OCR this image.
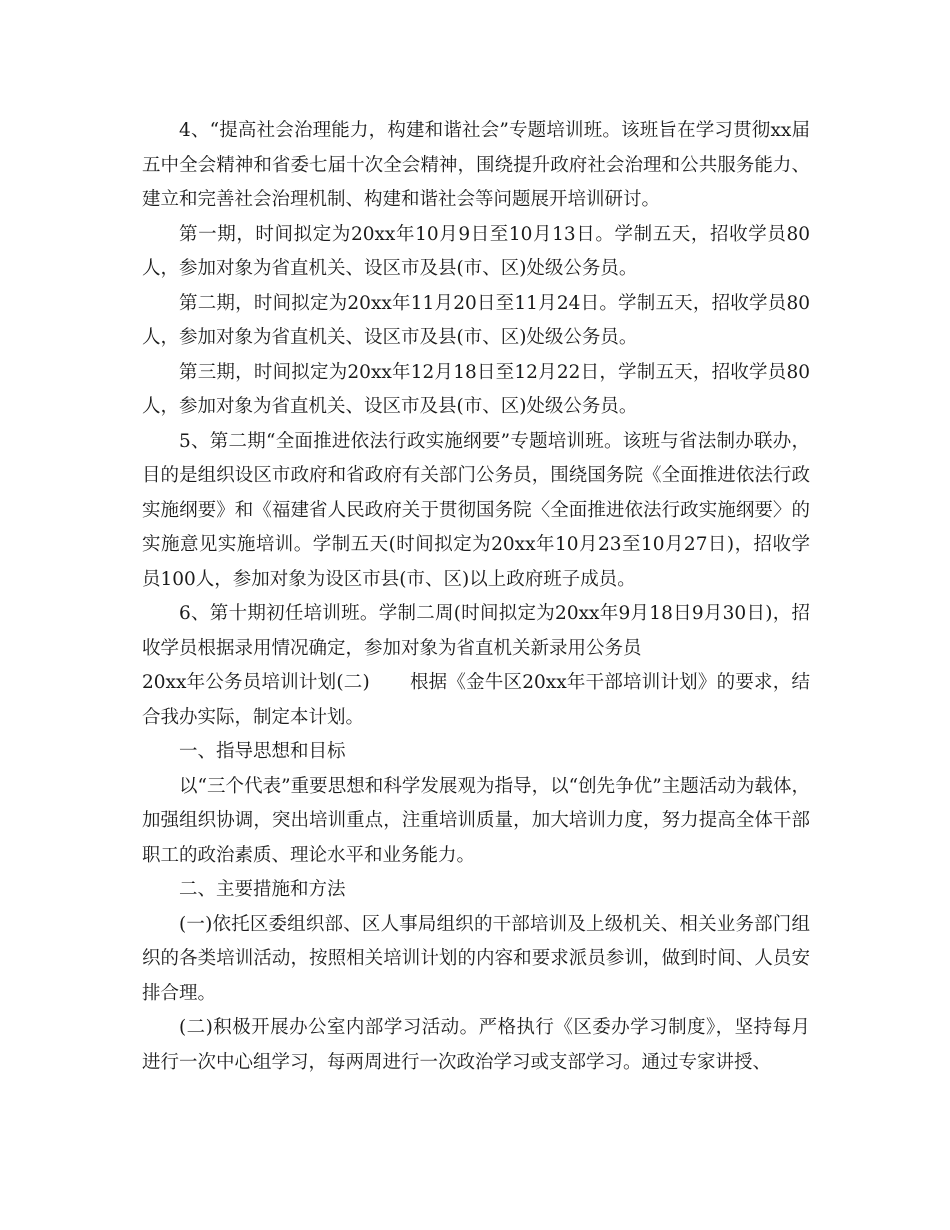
4、“提高社会治理能力，构建和谐社会”专题培训班。该班旨在学习贯彻xx届五中全会精神和省委七届十次全会精神，围绕提升政府社会治理和公共服务能力、建立和完善社会治理机制、构建和谐社会等问题展开培训研讨。

第一期，时间拟定为20xx年10月9日至10月13日。学制五天，招收学员80人，参加对象为省直机关、设区市及县(市、区)处级公务员。

第二期，时间拟定为20xx年11月20日至11月24日。学制五天，招收学员80人，参加对象为省直机关、设区市及县(市、区)处级公务员。

第三期，时间拟定为20xx年12月18日至12月22日，学制五天，招收学员80人，参加对象为省直机关、设区市及县(市、区)处级公务员。

5、第二期“全面推进依法行政实施纲要”专题培训班。该班与省法制办联办，目的是组织设区市政府和省政府有关部门公务员，围绕国务院《全面推进依法行政实施纲要》和《福建省人民政府关于贯彻国务院〈全面推进依法行政实施纲要〉的实施意见实施培训。学制五天(时间拟定为20xx年10月23至10月27日)，招收学员100人，参加对象为设区市县(市、区)以上政府班子成员。

6、第十期初任培训班。学制二周(时间拟定为20xx年9月18日9月30日)，招收学员根据录用情况确定，参加对象为省直机关新录用公务员

20xx年公务员培训计划(二) 根据《金牛区20xx年干部培训计划》的要求，结合我办实际，制定本计划。

一、指导思想和目标

以“三个代表”重要思想和科学发展观为指导，以“创先争优”主题活动为载体，加强组织协调，突出培训重点，注重培训质量，加大培训力度，努力提高全体干部职工的政治素质、理论水平和业务能力。

二、主要措施和方法

(一)依托区委组织部、区人事局组织的干部培训及上级机关、相关业务部门组织的各类培训活动，按照相关培训计划的内容和要求派员参训，做到时间、人员安排合理。

(二)积极开展办公室内部学习活动。严格执行《区委办学习制度》，坚持每月进行一次中心组学习，每两周进行一次政治学习或支部学习。通过专家讲授、
